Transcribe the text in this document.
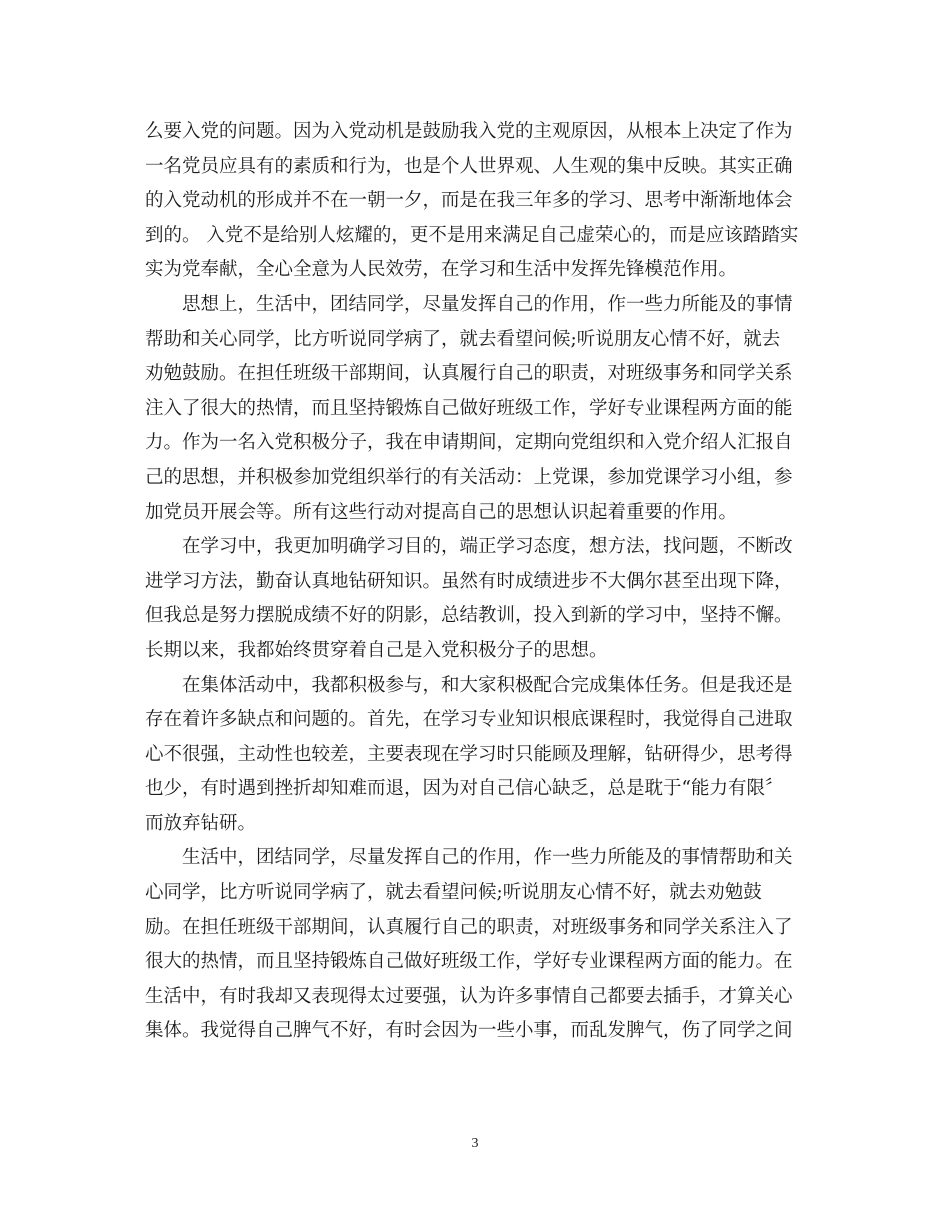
么要入党的问题。因为入党动机是鼓励我入党的主观原因，从根本上决定了作为
一名党员应具有的素质和行为，也是个人世界观、人生观的集中反映。其实正确
的入党动机的形成并不在一朝一夕，而是在我三年多的学习、思考中渐渐地体会
到的。 入党不是给别人炫耀的，更不是用来满足自己虚荣心的，而是应该踏踏实
实为党奉献，全心全意为人民效劳，在学习和生活中发挥先锋模范作用。
思想上，生活中，团结同学，尽量发挥自己的作用，作一些力所能及的事情
帮助和关心同学，比方听说同学病了，就去看望问候;听说朋友心情不好，就去
劝勉鼓励。在担任班级干部期间，认真履行自己的职责，对班级事务和同学关系
注入了很大的热情，而且坚持锻炼自己做好班级工作，学好专业课程两方面的能
力。作为一名入党积极分子，我在申请期间，定期向党组织和入党介绍人汇报自
己的思想，并积极参加党组织举行的有关活动：上党课，参加党课学习小组，参
加党员开展会等。所有这些行动对提高自己的思想认识起着重要的作用。
在学习中，我更加明确学习目的，端正学习态度，想方法，找问题，不断改
进学习方法，勤奋认真地钻研知识。虽然有时成绩进步不大偶尔甚至出现下降，
但我总是努力摆脱成绩不好的阴影，总结教训，投入到新的学习中，坚持不懈。
长期以来，我都始终贯穿着自己是入党积极分子的思想。
在集体活动中，我都积极参与，和大家积极配合完成集体任务。但是我还是
存在着许多缺点和问题的。首先，在学习专业知识根底课程时，我觉得自己进取
心不很强，主动性也较差，主要表现在学习时只能顾及理解，钻研得少，思考得
也少，有时遇到挫折却知难而退，因为对自己信心缺乏，总是耽于“能力有限〞
而放弃钻研。
生活中，团结同学，尽量发挥自己的作用，作一些力所能及的事情帮助和关
心同学，比方听说同学病了，就去看望问候;听说朋友心情不好，就去劝勉鼓
励。在担任班级干部期间，认真履行自己的职责，对班级事务和同学关系注入了
很大的热情，而且坚持锻炼自己做好班级工作，学好专业课程两方面的能力。在
生活中，有时我却又表现得太过要强，认为许多事情自己都要去插手，才算关心
集体。我觉得自己脾气不好，有时会因为一些小事，而乱发脾气，伤了同学之间
3
